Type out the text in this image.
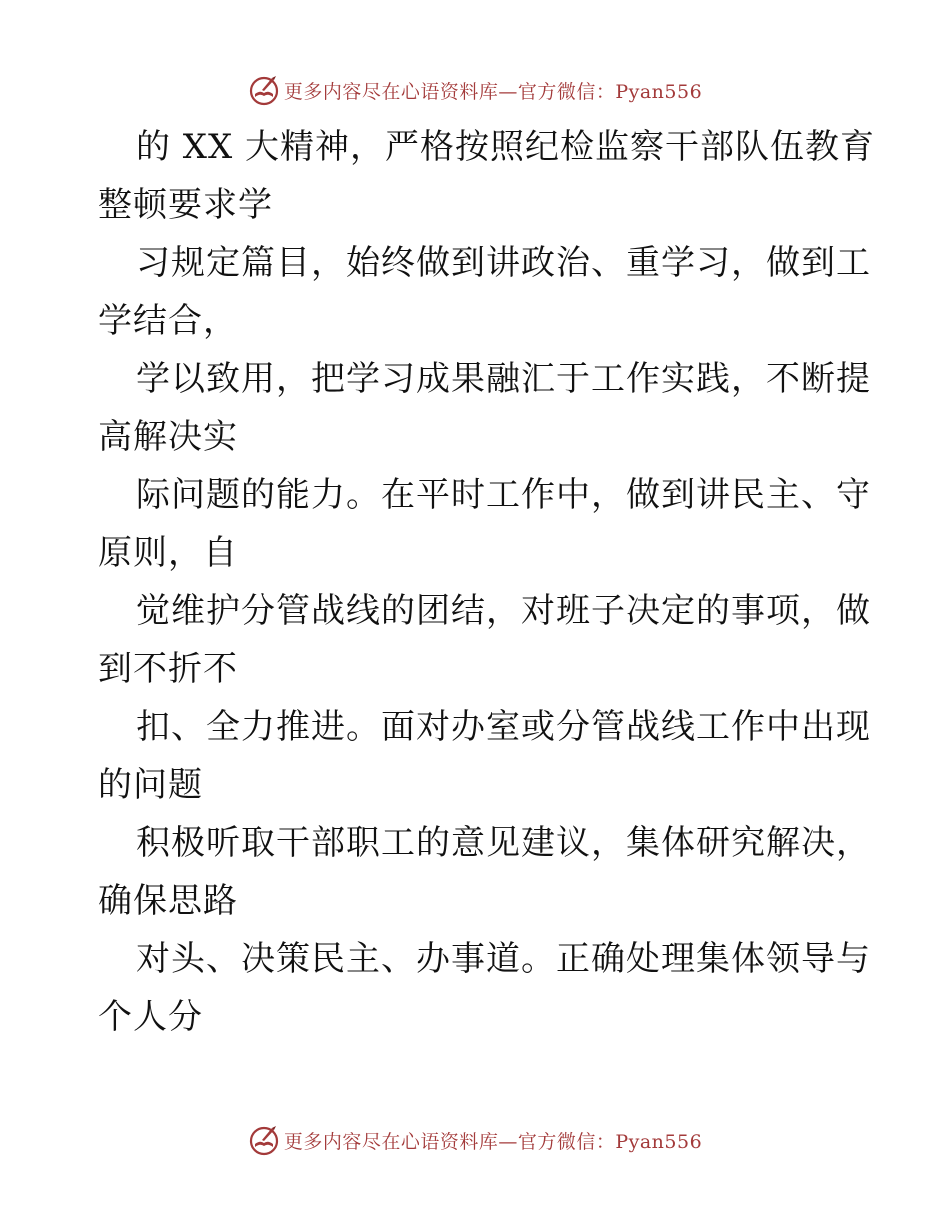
更多内容尽在心语资料库—官方微信：Pyan556
的 XX 大精神，严格按照纪检监察干部队伍教育
整顿要求学
习规定篇目，始终做到讲政治、重学习，做到工
学结合，
学以致用，把学习成果融汇于工作实践，不断提
高解决实
际问题的能力。在平时工作中，做到讲民主、守
原则，自
觉维护分管战线的团结，对班子决定的事项，做
到不折不
扣、全力推进。面对办室或分管战线工作中出现
的问题
积极听取干部职工的意见建议，集体研究解决，
确保思路
对头、决策民主、办事道。正确处理集体领导与
个人分
更多内容尽在心语资料库—官方微信：Pyan556
